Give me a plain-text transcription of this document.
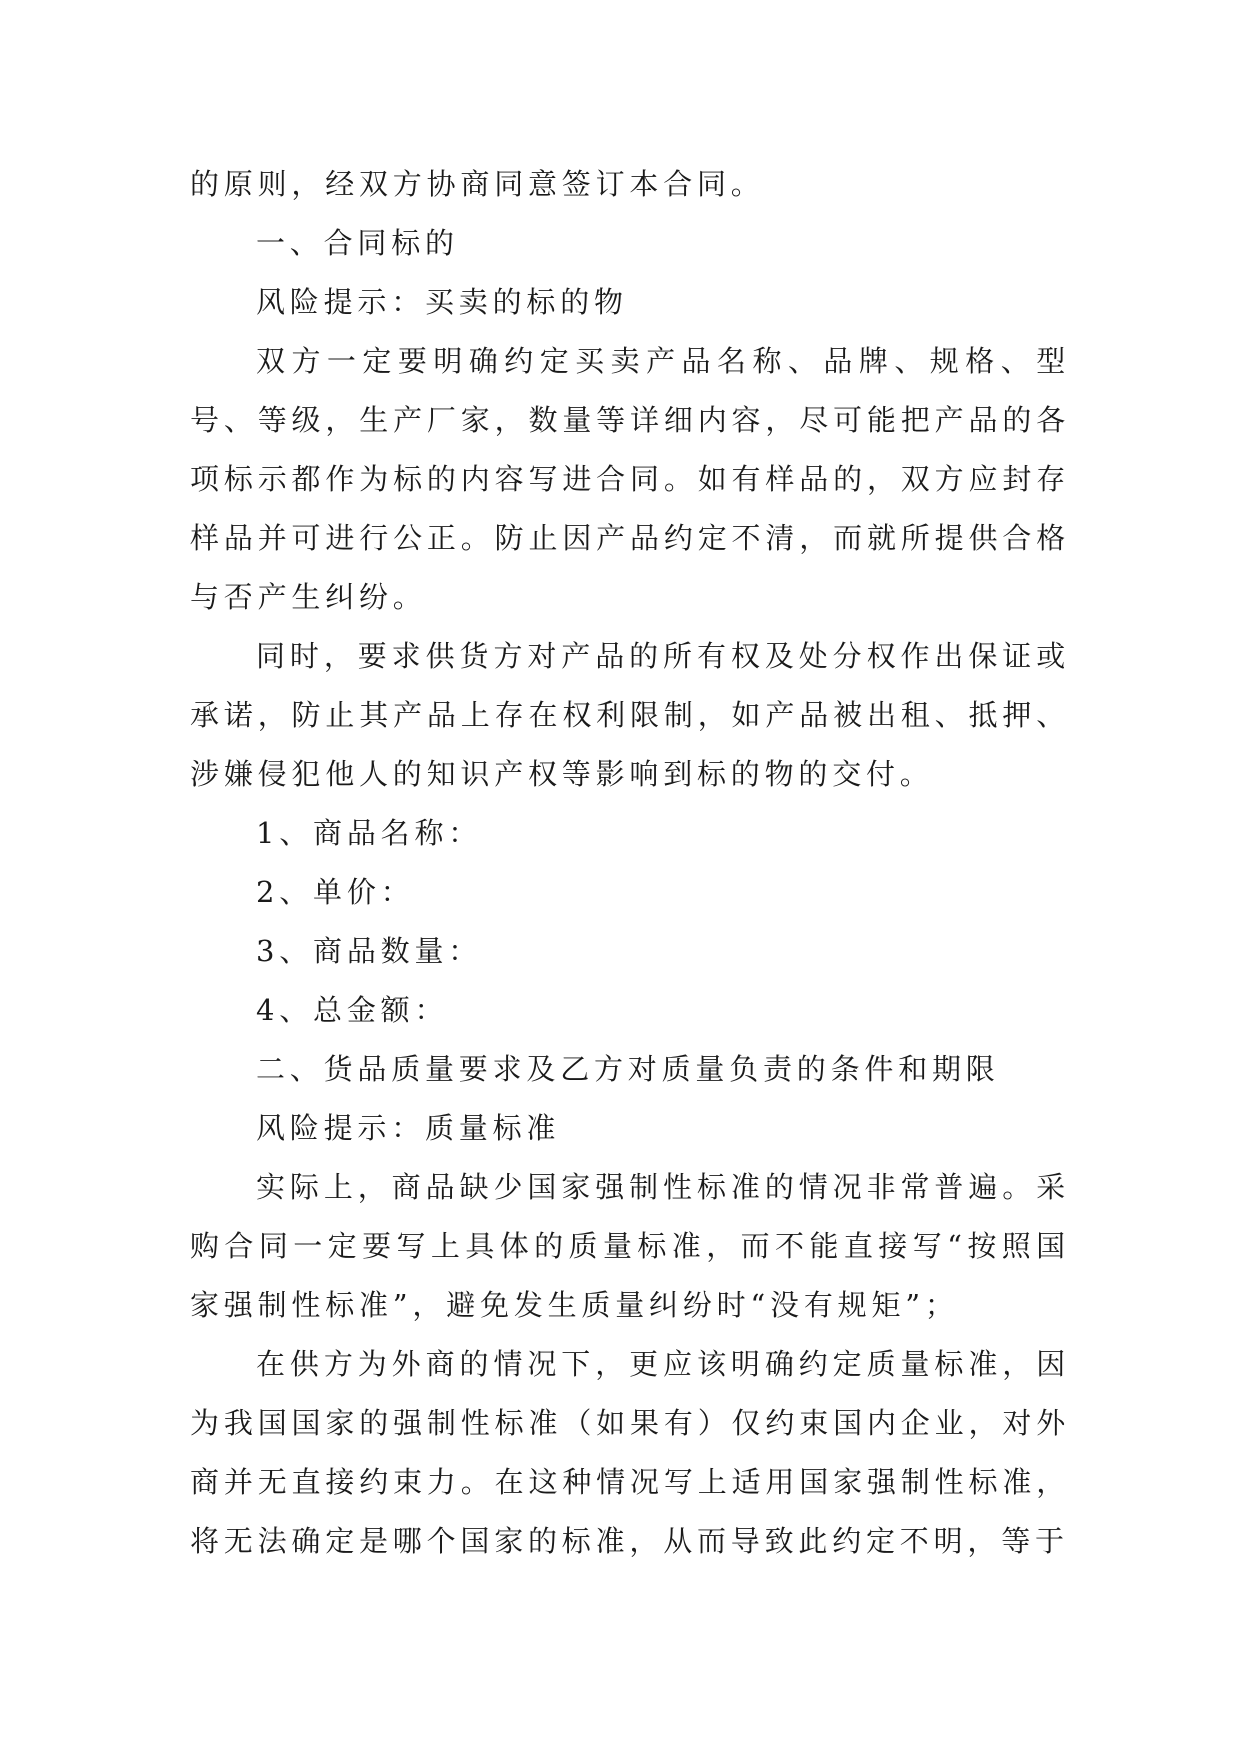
的原则，经双方协商同意签订本合同。

一、合同标的

风险提示：买卖的标的物

双方一定要明确约定买卖产品名称、品牌、规格、型号、等级，生产厂家，数量等详细内容，尽可能把产品的各项标示都作为标的内容写进合同。如有样品的，双方应封存样品并可进行公正。防止因产品约定不清，而就所提供合格与否产生纠纷。

同时，要求供货方对产品的所有权及处分权作出保证或承诺，防止其产品上存在权利限制，如产品被出租、抵押、涉嫌侵犯他人的知识产权等影响到标的物的交付。

1、商品名称：

2、单价：

3、商品数量：

4、总金额：

二、货品质量要求及乙方对质量负责的条件和期限

风险提示：质量标准

实际上，商品缺少国家强制性标准的情况非常普遍。采购合同一定要写上具体的质量标准，而不能直接写“按照国家强制性标准”，避免发生质量纠纷时“没有规矩”；

在供方为外商的情况下，更应该明确约定质量标准，因为我国国家的强制性标准（如果有）仅约束国内企业，对外商并无直接约束力。在这种情况写上适用国家强制性标准，将无法确定是哪个国家的标准，从而导致此约定不明，等于
